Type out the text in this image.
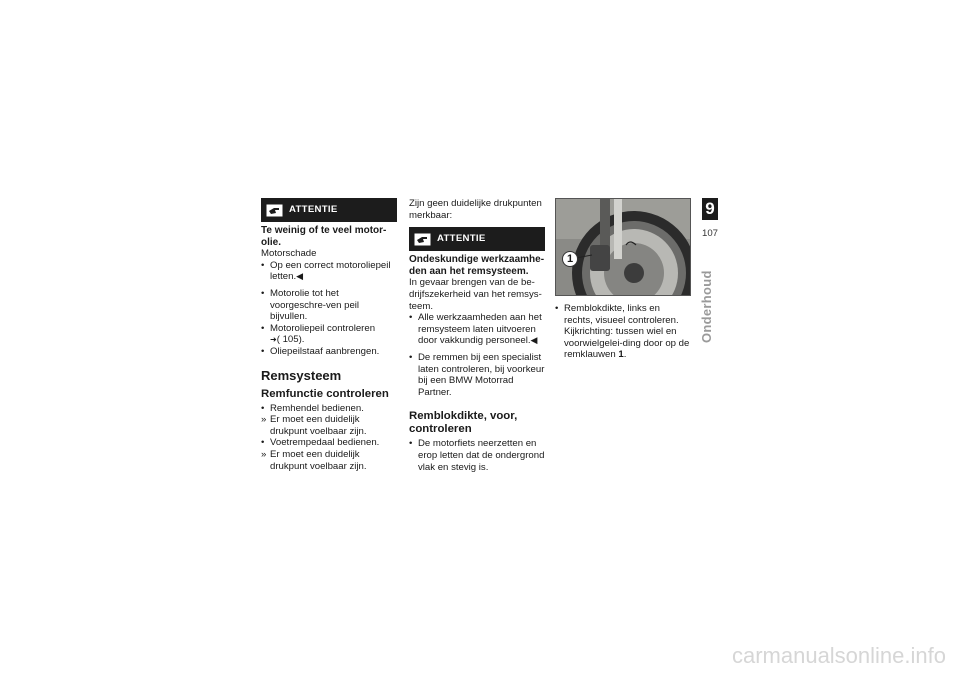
ATTENTIE
Te weinig of te veel motor-olie.
Motorschade
• Op een correct motoroliepeil letten.◀
• Motorolie tot het voorgeschre-ven peil bijvullen.
• Motoroliepeil controleren
➜( 105).
• Oliepeilstaaf aanbrengen.
Remsysteem
Remfunctie controleren
• Remhendel bedienen.
» Er moet een duidelijk drukpunt voelbaar zijn.
• Voetrempedaal bedienen.
» Er moet een duidelijk drukpunt voelbaar zijn.
Zijn geen duidelijke drukpunten merkbaar:
ATTENTIE
Ondeskundige werkzaamhe-den aan het remsysteem.
In gevaar brengen van de be-drijfszekerheid van het remsys-teem.
• Alle werkzaamheden aan het remsysteem laten uitvoeren door vakkundig personeel.◀
• De remmen bij een specialist laten controleren, bij voorkeur bij een BMW Motorrad Partner.
Remblokdikte, voor, controleren
• De motorfiets neerzetten en erop letten dat de ondergrond vlak en stevig is.
1
• Remblokdikte, links en rechts, visueel controleren. Kijkrichting: tussen wiel en voorwielgelei-ding door op de remklauwen 1.
9
107
Onderhoud
carmanualsonline.info
